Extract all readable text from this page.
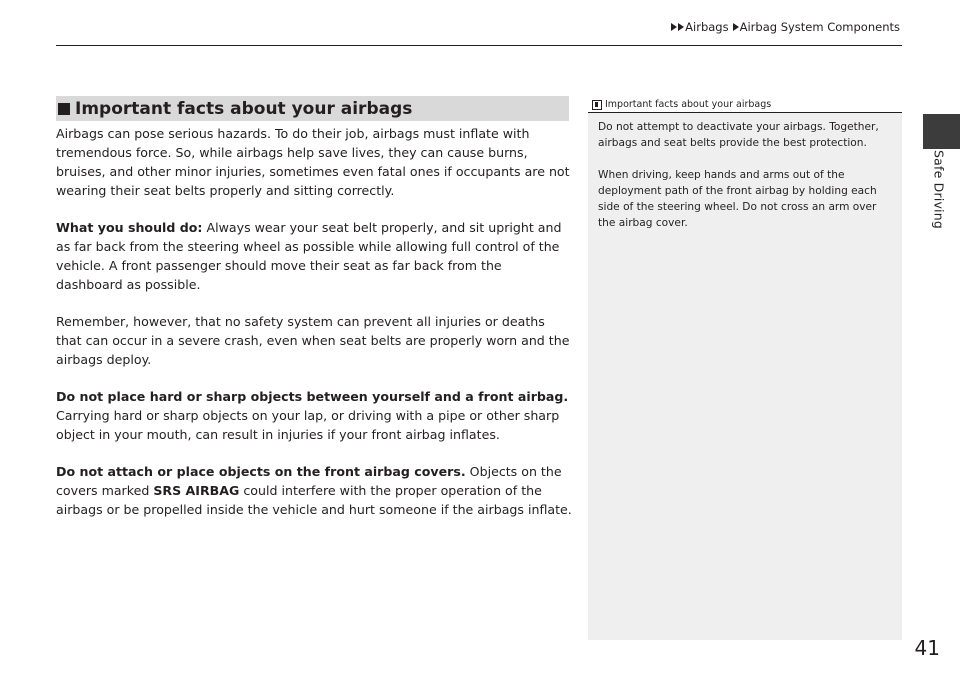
Airbags Airbag System Components
Safe Driving
Important facts about your airbags

Airbags can pose serious hazards. To do their job, airbags must inflate with tremendous force. So, while airbags help save lives, they can cause burns, bruises, and other minor injuries, sometimes even fatal ones if occupants are not wearing their seat belts properly and sitting correctly.

What you should do: Always wear your seat belt properly, and sit upright and as far back from the steering wheel as possible while allowing full control of the vehicle. A front passenger should move their seat as far back from the dashboard as possible.

Remember, however, that no safety system can prevent all injuries or deaths that can occur in a severe crash, even when seat belts are properly worn and the airbags deploy.

Do not place hard or sharp objects between yourself and a front airbag.
Carrying hard or sharp objects on your lap, or driving with a pipe or other sharp object in your mouth, can result in injuries if your front airbag inflates.

Do not attach or place objects on the front airbag covers. Objects on the covers marked SRS AIRBAG could interfere with the proper operation of the airbags or be propelled inside the vehicle and hurt someone if the airbags inflate.

Important facts about your airbags

Do not attempt to deactivate your airbags. Together, airbags and seat belts provide the best protection.

When driving, keep hands and arms out of the deployment path of the front airbag by holding each side of the steering wheel. Do not cross an arm over the airbag cover.

41
